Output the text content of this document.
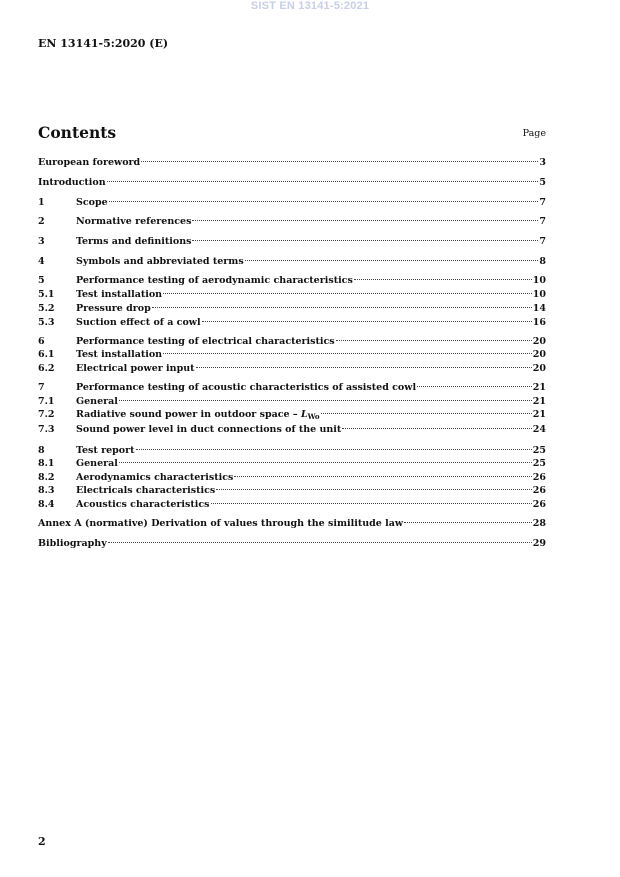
SIST EN 13141-5:2021
EN 13141-5:2020 (E)
Contents	Page
European foreword	3
Introduction	5
1	Scope	7
2	Normative references	7
3	Terms and definitions	7
4	Symbols and abbreviated terms	8
5	Performance testing of aerodynamic characteristics	10
5.1	Test installation	10
5.2	Pressure drop	14
5.3	Suction effect of a cowl	16
6	Performance testing of electrical characteristics	20
6.1	Test installation	20
6.2	Electrical power input	20
7	Performance testing of acoustic characteristics of assisted cowl	21
7.1	General	21
7.2	Radiative sound power in outdoor space – $L_{Wo}$	21
7.3	Sound power level in duct connections of the unit	24
8	Test report	25
8.1	General	25
8.2	Aerodynamics characteristics	26
8.3	Electricals characteristics	26
8.4	Acoustics characteristics	26
Annex A (normative) Derivation of values through the similitude law	28
Bibliography	29
2
